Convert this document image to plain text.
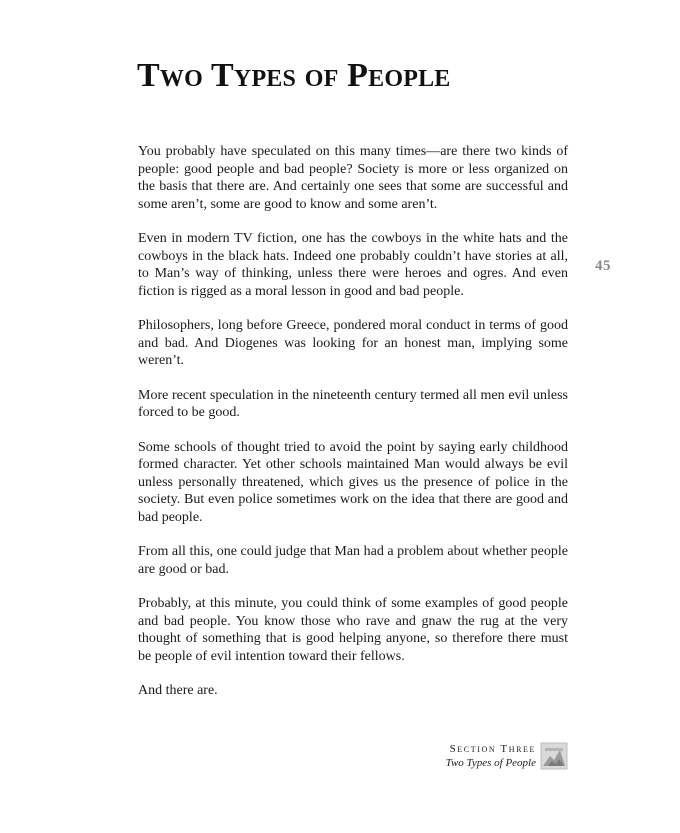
Two Types of People
45

You probably have speculated on this many times—are there two kinds of people: good people and bad people? Society is more or less organized on the basis that there are. And certainly one sees that some are successful and some aren’t, some are good to know and some aren’t.

Even in modern TV fiction, one has the cowboys in the white hats and the cowboys in the black hats. Indeed one probably couldn’t have stories at all, to Man’s way of thinking, unless there were heroes and ogres. And even fiction is rigged as a moral lesson in good and bad people.

Philosophers, long before Greece, pondered moral conduct in terms of good and bad. And Diogenes was looking for an honest man, implying some weren’t.

More recent speculation in the nineteenth century termed all men evil unless forced to be good.

Some schools of thought tried to avoid the point by saying early childhood formed character. Yet other schools maintained Man would always be evil unless personally threatened, which gives us the presence of police in the society. But even police sometimes work on the idea that there are good and bad people.

From all this, one could judge that Man had a problem about whether people are good or bad.

Probably, at this minute, you could think of some examples of good people and bad people. You know those who rave and gnaw the rug at the very thought of something that is good helping anyone, so therefore there must be people of evil intention toward their fellows.

And there are.

Section Three
Two Types of People
